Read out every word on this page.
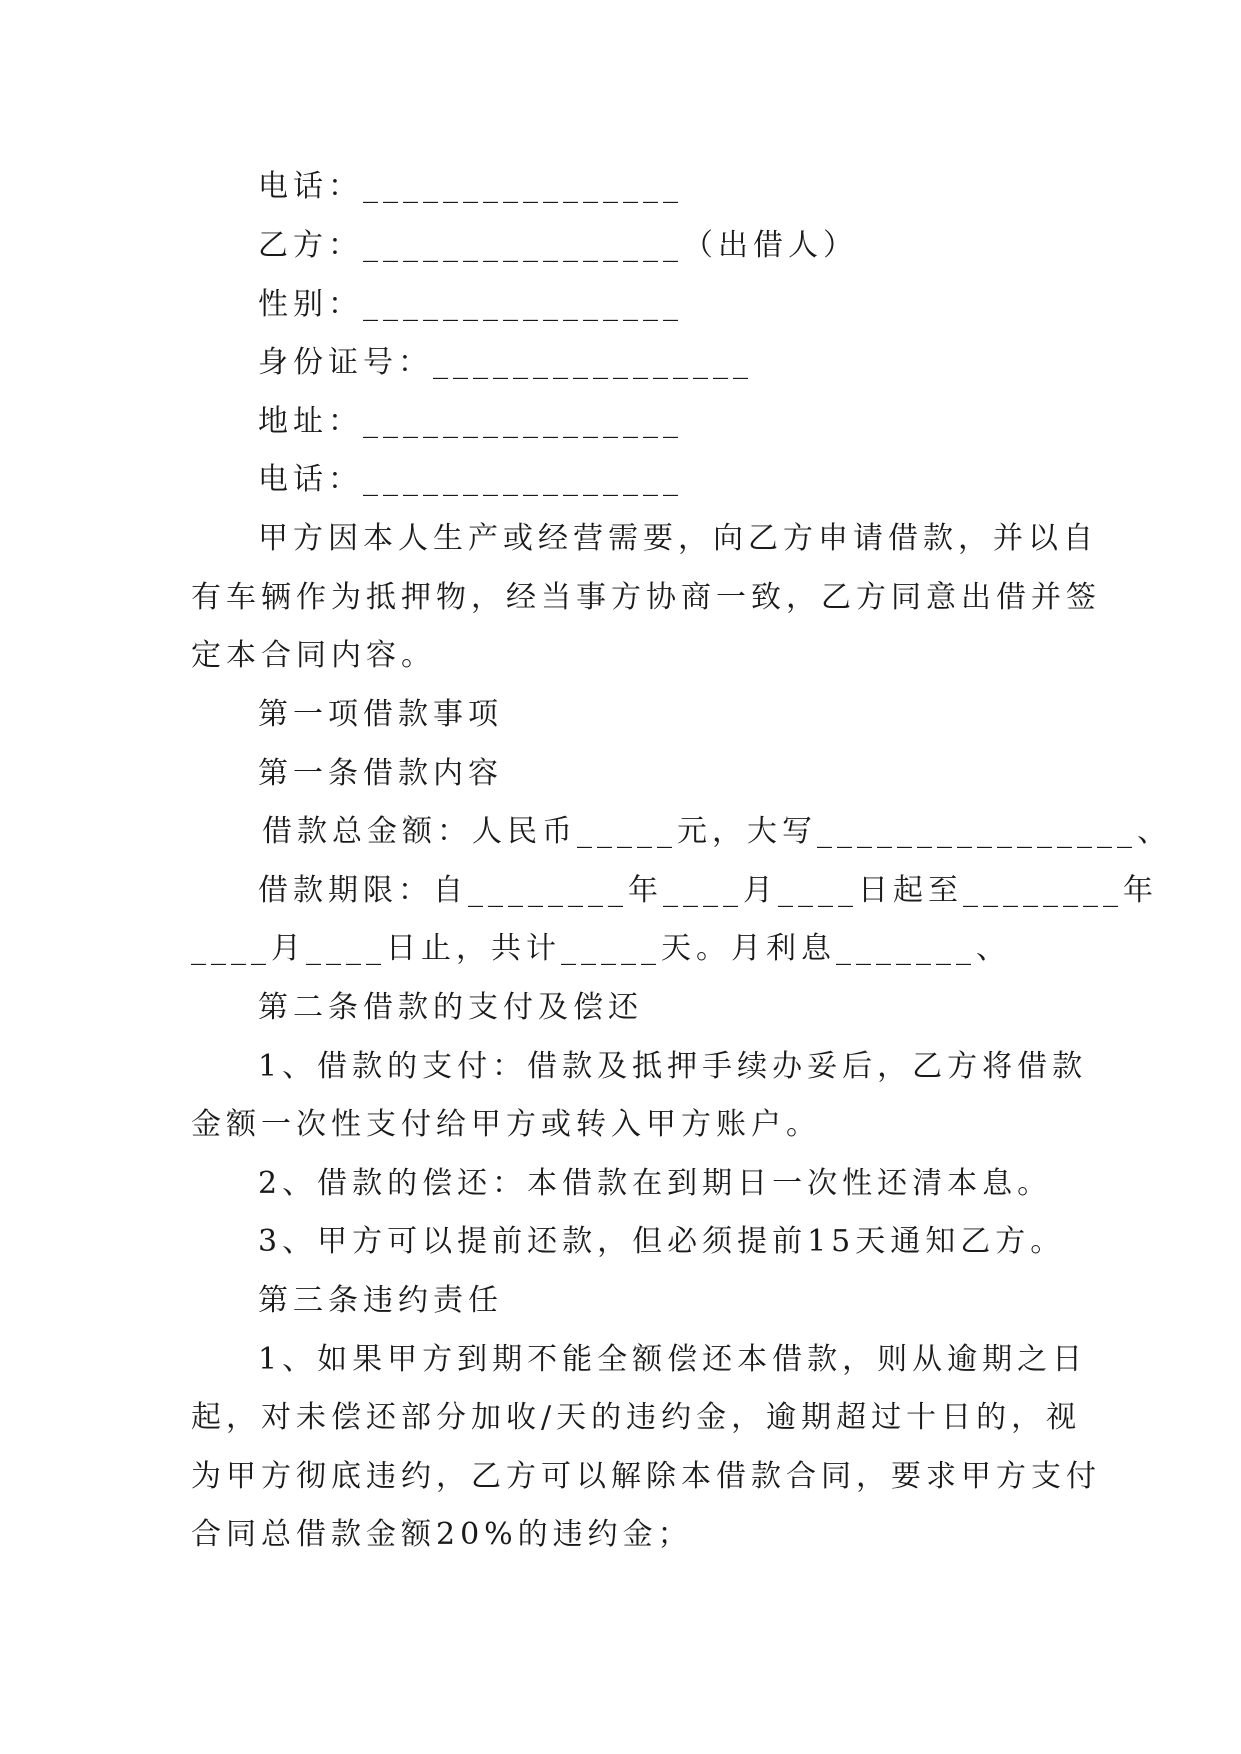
电话：________________
乙方：________________（出借人）
性别：________________
身份证号：________________
地址：________________
电话：________________
甲方因本人生产或经营需要，向乙方申请借款，并以自
有车辆作为抵押物，经当事方协商一致，乙方同意出借并签
定本合同内容。
第一项借款事项
第一条借款内容
借款总金额：人民币_____元，大写________________、
借款期限：自________年____月____日起至________年
____月____日止，共计_____天。月利息_______、
第二条借款的支付及偿还
1、借款的支付：借款及抵押手续办妥后，乙方将借款
金额一次性支付给甲方或转入甲方账户。
2、借款的偿还：本借款在到期日一次性还清本息。
3、甲方可以提前还款，但必须提前15天通知乙方。
第三条违约责任
1、如果甲方到期不能全额偿还本借款，则从逾期之日
起，对未偿还部分加收/天的违约金，逾期超过十日的，视
为甲方彻底违约，乙方可以解除本借款合同，要求甲方支付
合同总借款金额20%的违约金；
